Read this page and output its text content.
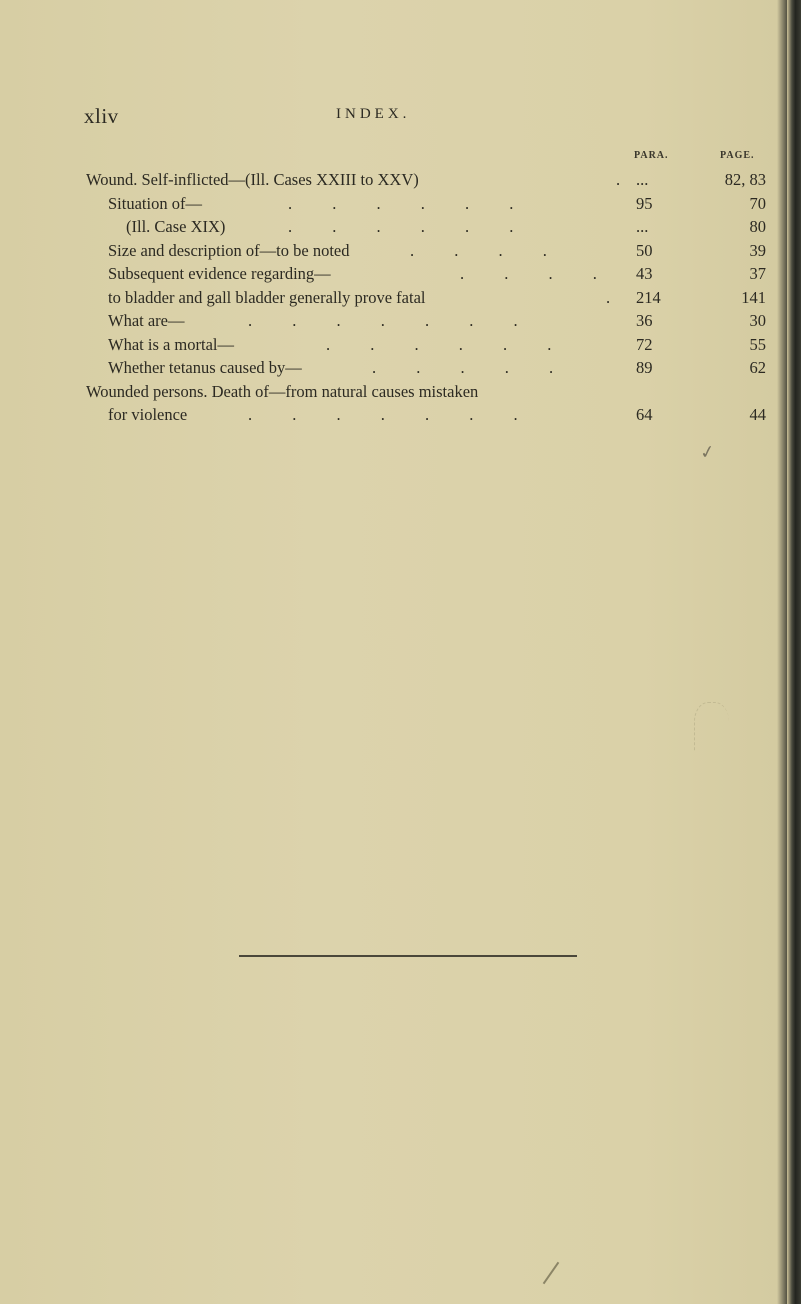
xliv	INDEX.
PARA.	PAGE.
Wound. Self-inflicted—(Ill. Cases XXIII to XXV)	. ...	82, 83
Situation of—	. . . . . .	95	70
(Ill. Case XIX)	. . . . . .	...	80
Size and description of—to be noted	. . . .	50	39
Subsequent evidence regarding—	. . . . 43	37
to bladder and gall bladder generally prove fatal	. 214	141
What are—	. . . . . . .	36	30
What is a mortal—	. . . . . .	72	55
Whether tetanus caused by—	. . . . .	89	62
Wounded persons. Death of—from natural causes mistaken
for violence	. . . . . . .	64	44
✓
